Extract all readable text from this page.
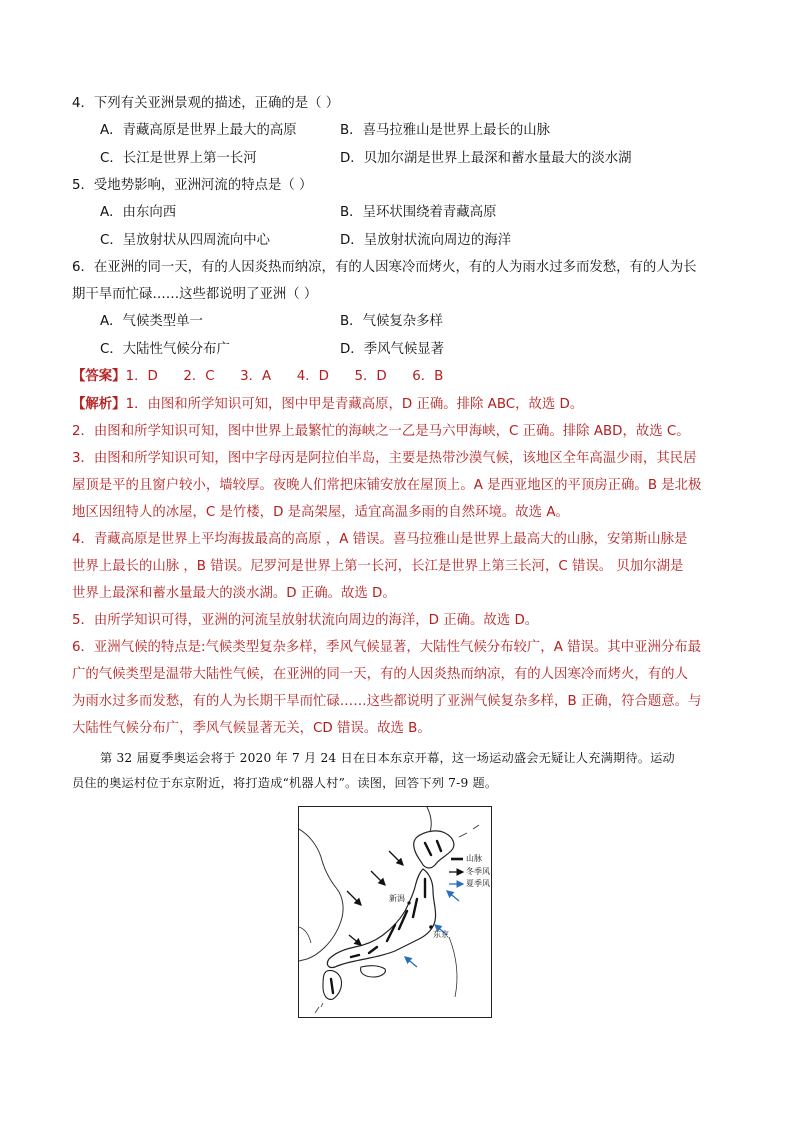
4．下列有关亚洲景观的描述，正确的是（ ）
A．青藏高原是世界上最大的高原	B．喜马拉雅山是世界上最长的山脉
C．长江是世界上第一长河	D．贝加尔湖是世界上最深和蓄水量最大的淡水湖
5．受地势影响，亚洲河流的特点是（ ）
A．由东向西	B．呈环状围绕着青藏高原
C．呈放射状从四周流向中心	D．呈放射状流向周边的海洋
6．在亚洲的同一天，有的人因炎热而纳凉，有的人因寒冷而烤火，有的人为雨水过多而发愁，有的人为长
期干旱而忙碌……这些都说明了亚洲（ ）
A．气候类型单一	B．气候复杂多样
C．大陆性气候分布广	D．季风气候显著
【答案】1．D      2．C      3．A      4．D      5．D      6．B
【解析】1．由图和所学知识可知，图中甲是青藏高原，D 正确。排除 ABC，故选 D。
2．由图和所学知识可知，图中世界上最繁忙的海峡之一乙是马六甲海峡，C 正确。排除 ABD，故选 C。
3．由图和所学知识可知，图中字母丙是阿拉伯半岛，主要是热带沙漠气候，该地区全年高温少雨，其民居
屋顶是平的且窗户较小，墙较厚。夜晚人们常把床铺安放在屋顶上。A 是西亚地区的平顶房正确。B 是北极
地区因纽特人的冰屋，C 是竹楼，D 是高架屋，适宜高温多雨的自然环境。故选 A。
4．青藏高原是世界上平均海拔最高的高原 ，A 错误。喜马拉雅山是世界上最高大的山脉，安第斯山脉是
世界上最长的山脉 ，B 错误。尼罗河是世界上第一长河，长江是世界上第三长河，C 错误。 贝加尔湖是
世界上最深和蓄水量最大的淡水湖。D 正确。故选 D。
5．由所学知识可得，亚洲的河流呈放射状流向周边的海洋，D 正确。故选 D。
6．亚洲气候的特点是:气候类型复杂多样，季风气候显著，大陆性气候分布较广，A 错误。其中亚洲分布最
广的气候类型是温带大陆性气候，在亚洲的同一天，有的人因炎热而纳凉，有的人因寒冷而烤火，有的人
为雨水过多而发愁，有的人为长期干旱而忙碌……这些都说明了亚洲气候复杂多样，B 正确，符合题意。与
大陆性气候分布广，季风气候显著无关，CD 错误。故选 B。
第 32 届夏季奥运会将于 2020 年 7 月 24 日在日本东京开幕，这一场运动盛会无疑让人充满期待。运动
员住的奥运村位于东京附近，将打造成“机器人村”。读图，回答下列 7-9 题。
山脉
冬季风
夏季风
新潟
东京
